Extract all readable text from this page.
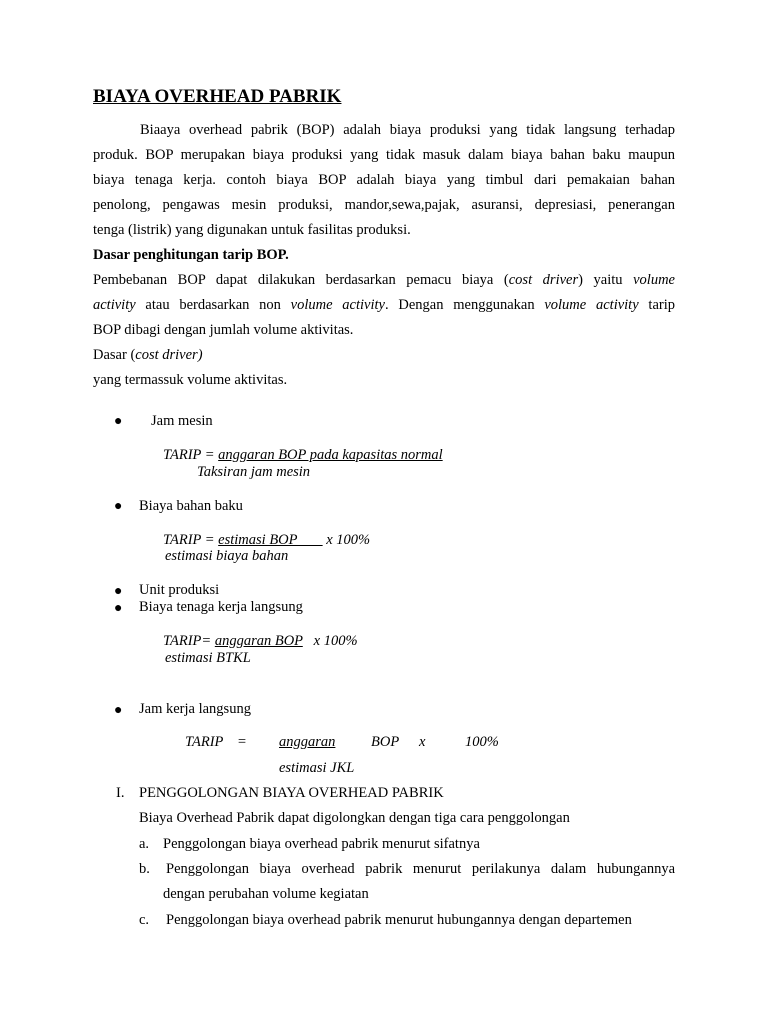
BIAYA OVERHEAD PABRIK
Biaaya overhead pabrik (BOP) adalah biaya produksi yang tidak langsung terhadap
produk. BOP merupakan biaya produksi yang tidak masuk dalam biaya bahan baku maupun
biaya tenaga kerja. contoh biaya BOP adalah biaya yang timbul dari pemakaian bahan
penolong, pengawas mesin produksi, mandor,sewa,pajak, asuransi, depresiasi, penerangan
tenga (listrik) yang digunakan untuk fasilitas produksi.
Dasar penghitungan tarip BOP.
Pembebanan BOP dapat dilakukan berdasarkan pemacu biaya (cost driver) yaitu volume
activity atau berdasarkan non volume activity. Dengan menggunakan volume activity tarip
BOP dibagi dengan jumlah volume aktivitas.
Dasar (cost driver)
yang termassuk volume aktivitas.
● Jam mesin
TARIP = anggaran BOP pada kapasitas normal
Taksiran jam mesin
● Biaya bahan baku
TARIP = estimasi BOP        x 100%
estimasi biaya bahan
● Unit produksi
● Biaya tenaga kerja langsung
TARIP= anggaran BOP   x 100%
estimasi BTKL
● Jam kerja langsung
TARIP = anggaran BOP x	100%
estimasi JKL
I. PENGGOLONGAN BIAYA OVERHEAD PABRIK
Biaya Overhead Pabrik dapat digolongkan dengan tiga cara penggolongan
a. Penggolongan biaya overhead pabrik menurut sifatnya
b. Penggolongan biaya overhead pabrik menurut perilakunya dalam hubungannya
dengan perubahan volume kegiatan
c. Penggolongan biaya overhead pabrik menurut hubungannya dengan departemen
